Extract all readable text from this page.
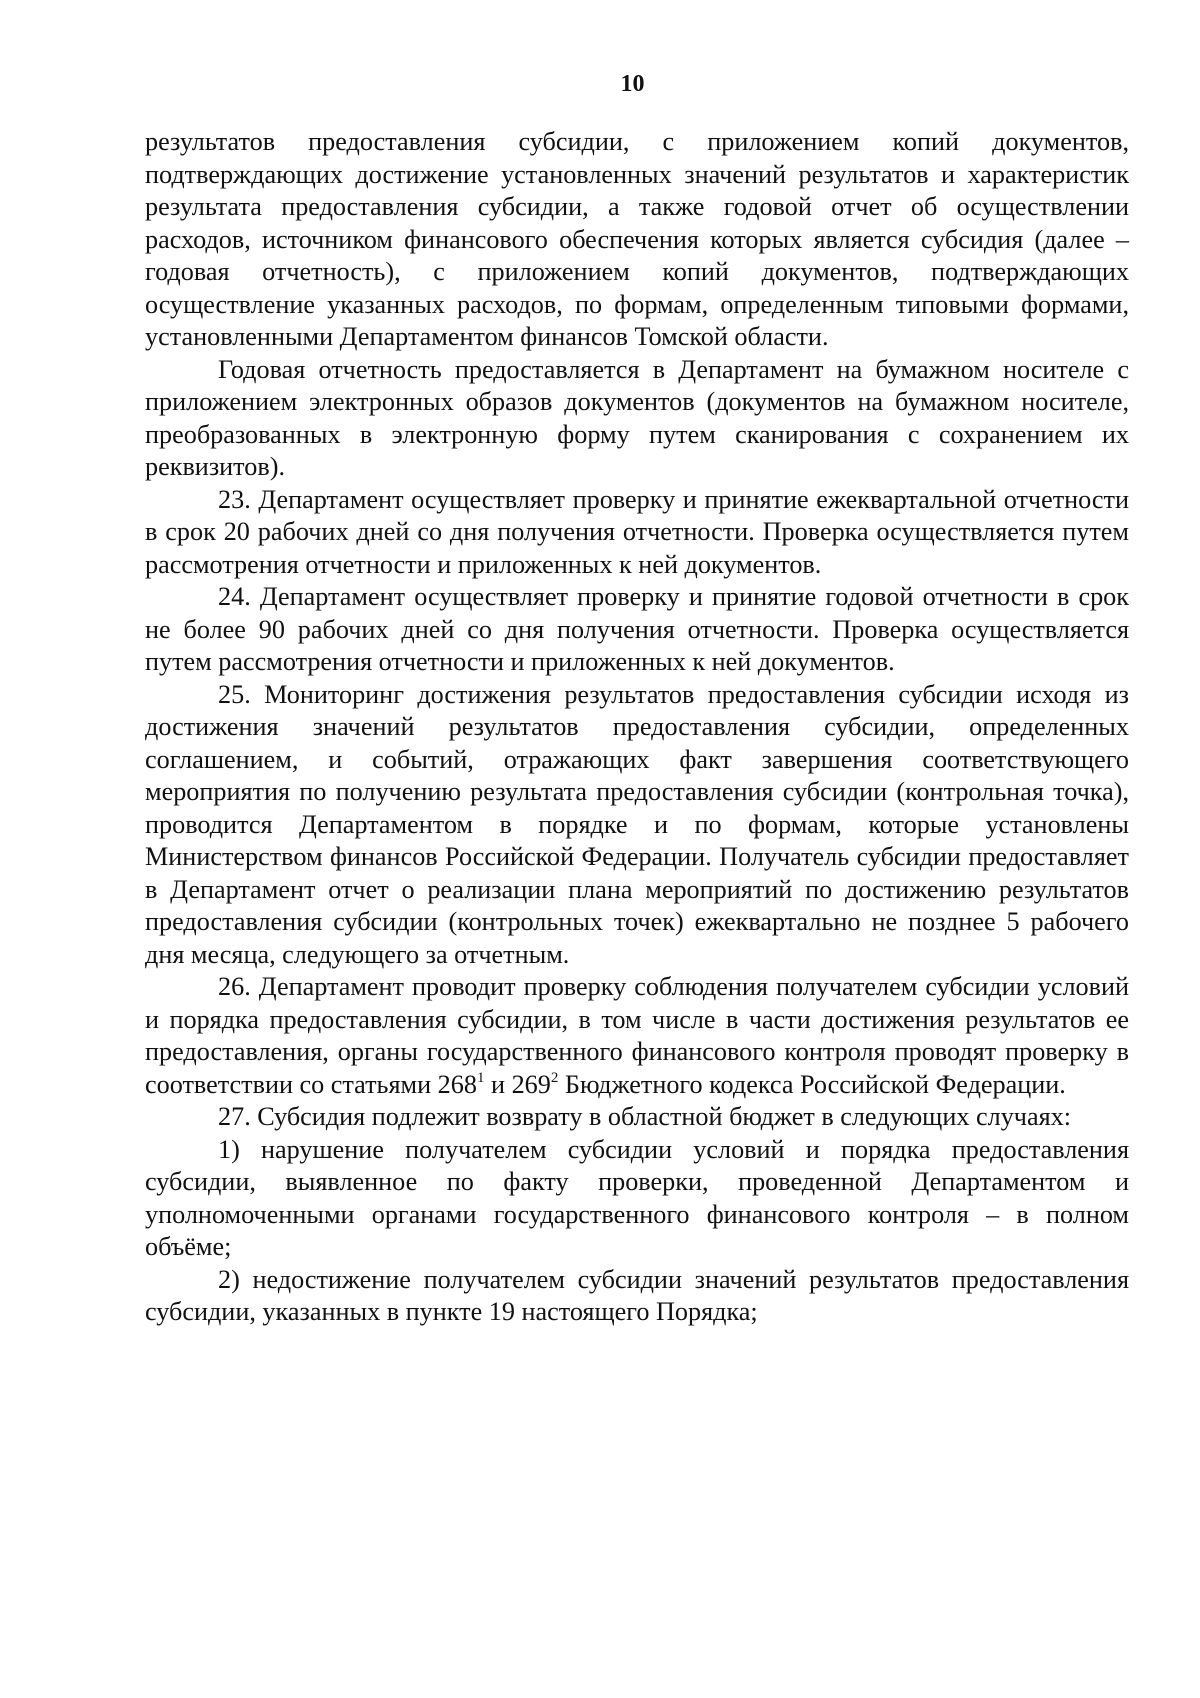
10

результатов предоставления субсидии, с приложением копий документов, подтверждающих достижение установленных значений результатов и характеристик результата предоставления субсидии, а также годовой отчет об осуществлении расходов, источником финансового обеспечения которых является субсидия (далее – годовая отчетность), с приложением копий документов, подтверждающих осуществление указанных расходов, по формам, определенным типовыми формами, установленными Департаментом финансов Томской области.

Годовая отчетность предоставляется в Департамент на бумажном носителе с приложением электронных образов документов (документов на бумажном носителе, преобразованных в электронную форму путем сканирования с сохранением их реквизитов).

23. Департамент осуществляет проверку и принятие ежеквартальной отчетности в срок 20 рабочих дней со дня получения отчетности. Проверка осуществляется путем рассмотрения отчетности и приложенных к ней документов.

24. Департамент осуществляет проверку и принятие годовой отчетности в срок не более 90 рабочих дней со дня получения отчетности. Проверка осуществляется путем рассмотрения отчетности и приложенных к ней документов.

25. Мониторинг достижения результатов предоставления субсидии исходя из достижения значений результатов предоставления субсидии, определенных соглашением, и событий, отражающих факт завершения соответствующего мероприятия по получению результата предоставления субсидии (контрольная точка), проводится Департаментом в порядке и по формам, которые установлены Министерством финансов Российской Федерации. Получатель субсидии предоставляет в Департамент отчет о реализации плана мероприятий по достижению результатов предоставления субсидии (контрольных точек) ежеквартально не позднее 5 рабочего дня месяца, следующего за отчетным.

26. Департамент проводит проверку соблюдения получателем субсидии условий и порядка предоставления субсидии, в том числе в части достижения результатов ее предоставления, органы государственного финансового контроля проводят проверку в соответствии со статьями $268^1$ и $269^2$ Бюджетного кодекса Российской Федерации.

27. Субсидия подлежит возврату в областной бюджет в следующих случаях:

1) нарушение получателем субсидии условий и порядка предоставления субсидии, выявленное по факту проверки, проведенной Департаментом и уполномоченными органами государственного финансового контроля – в полном объёме;

2) недостижение получателем субсидии значений результатов предоставления субсидии, указанных в пункте 19 настоящего Порядка;
